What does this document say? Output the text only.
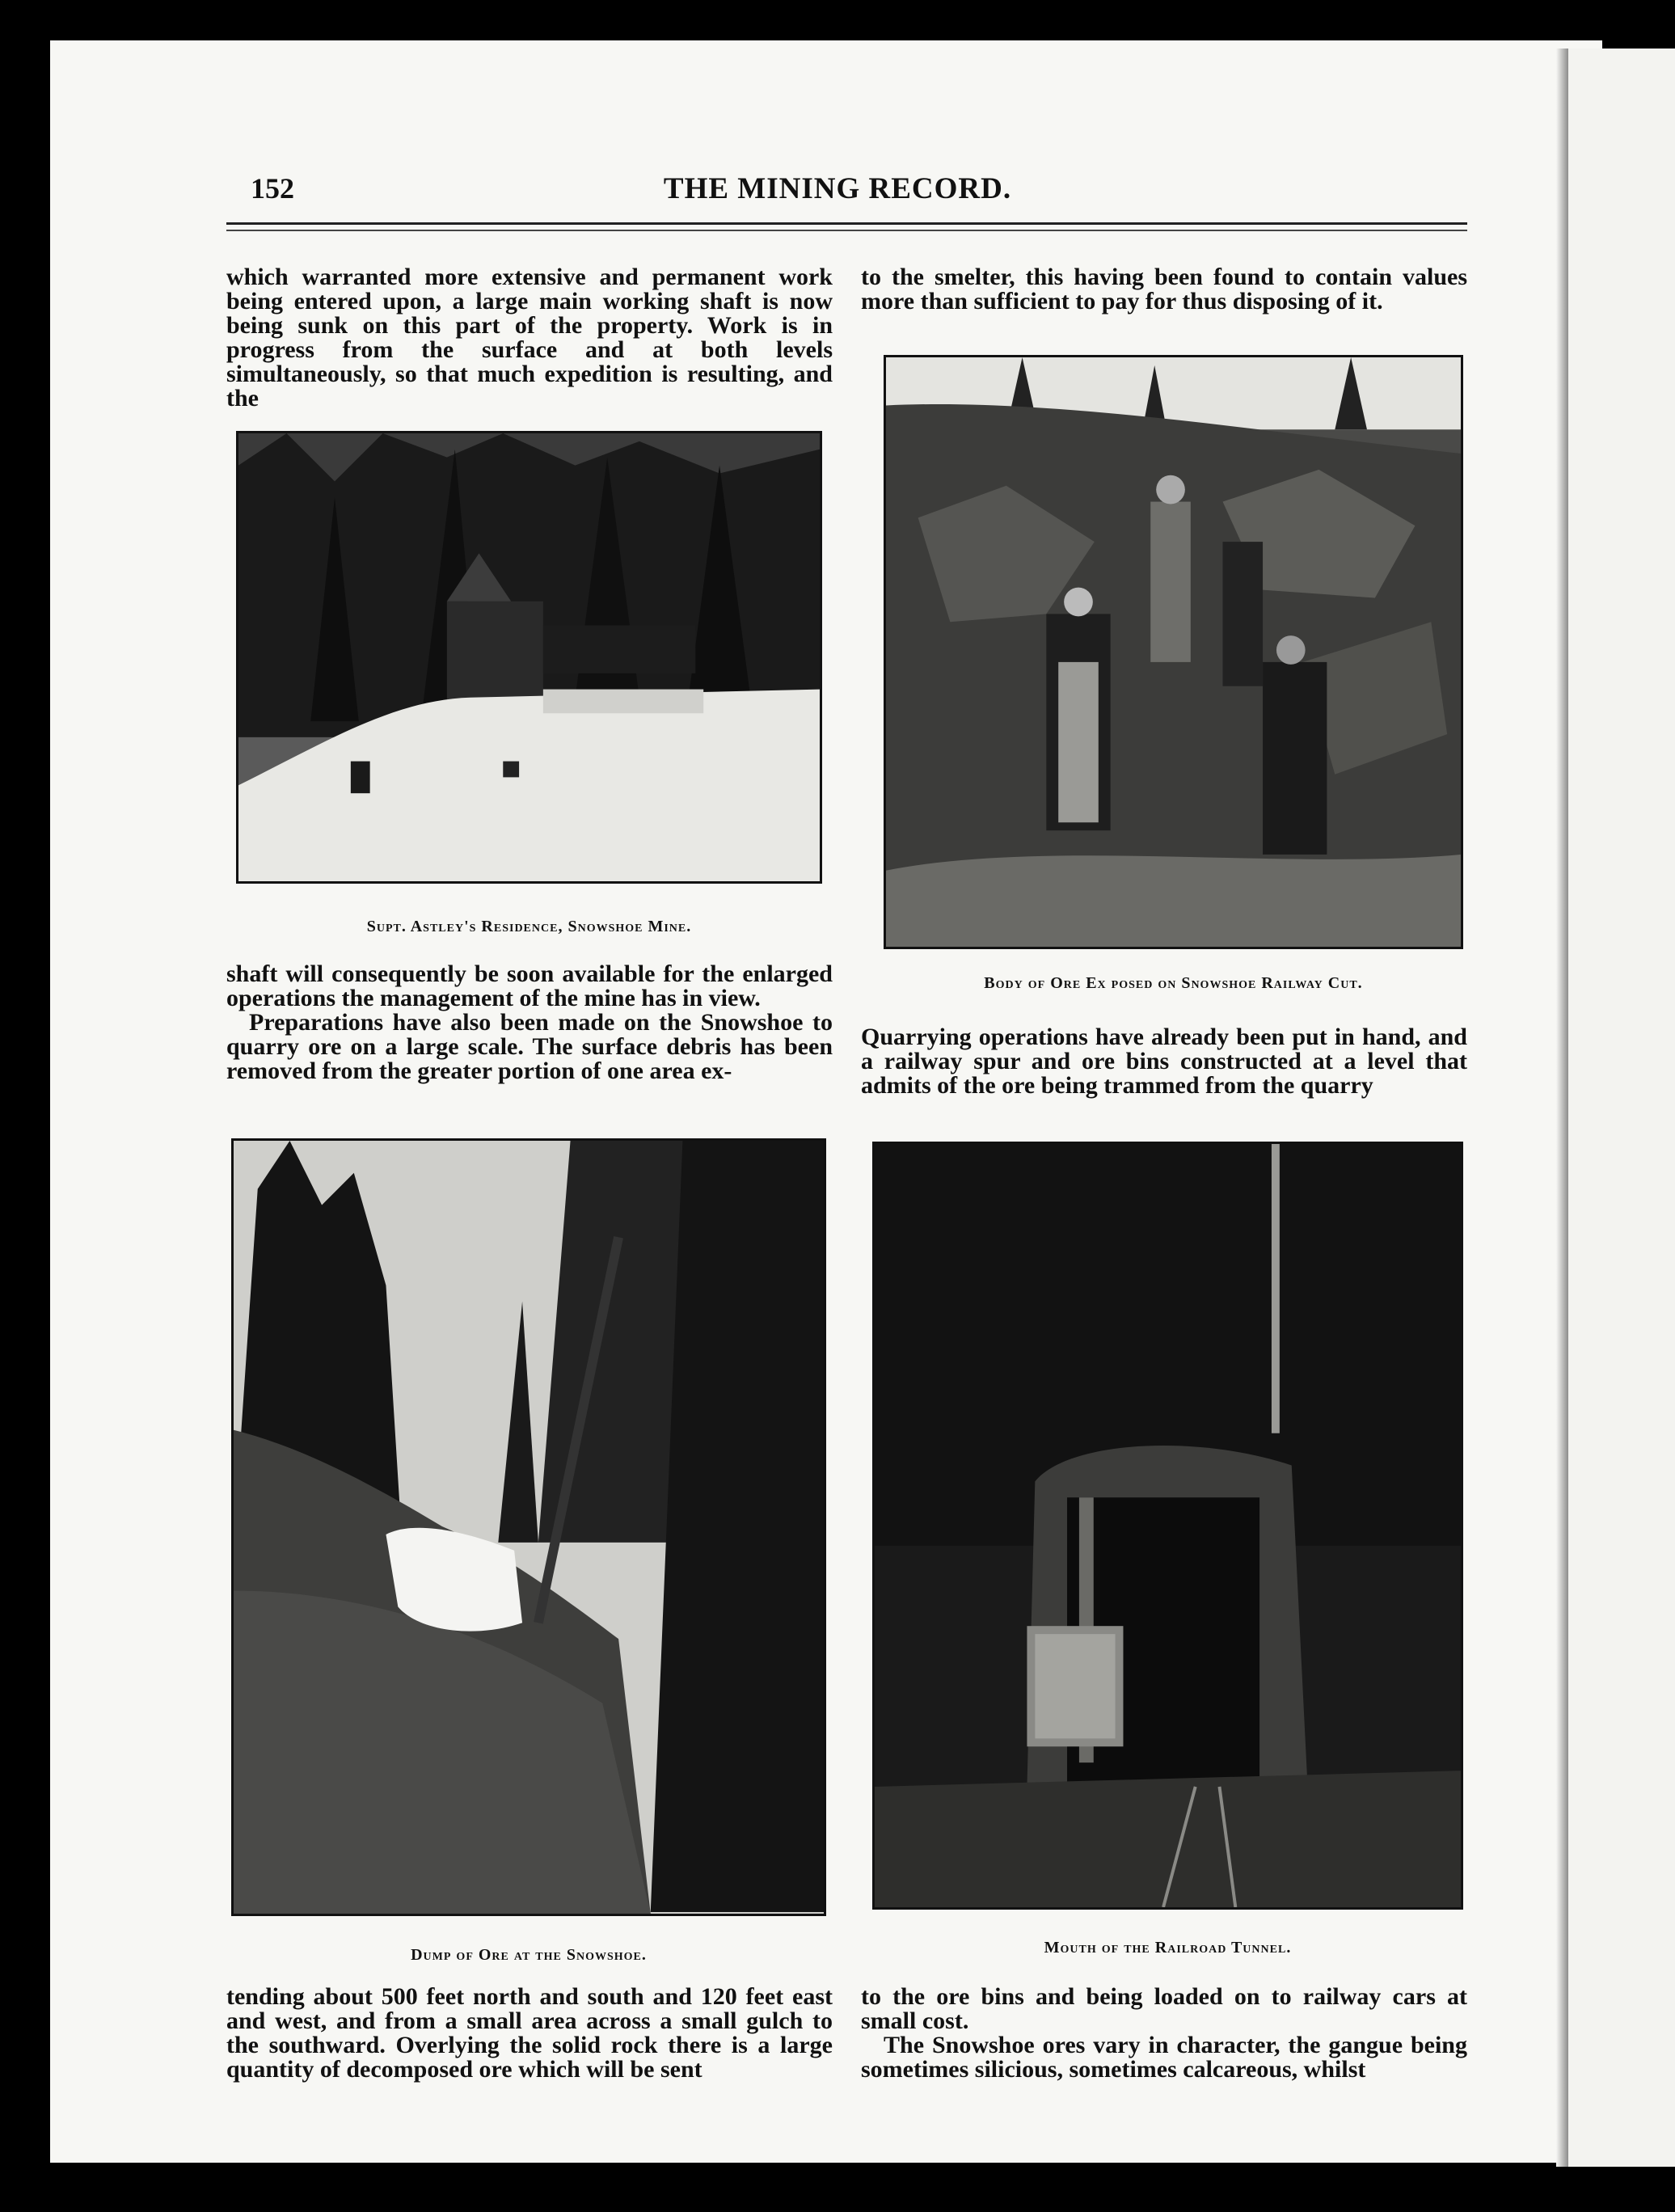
152	THE MINING RECORD.
which warranted more extensive and permanent work being entered upon, a large main working shaft is now being sunk on this part of the property. Work is in progress from the surface and at both levels simultaneously, so that much expedition is resulting, and the
to the smelter, this having been found to contain values more than sufficient to pay for thus disposing of it.
Supt. Astley's Residence, Snowshoe Mine.
Body of Ore Ex posed on Snowshoe Railway Cut.
shaft will consequently be soon available for the enlarged operations the management of the mine has in view.
Preparations have also been made on the Snowshoe to quarry ore on a large scale. The surface debris has been removed from the greater portion of one area ex-
Quarrying operations have already been put in hand, and a railway spur and ore bins constructed at a level that admits of the ore being trammed from the quarry
Dump of Ore at the Snowshoe.	Mouth of the Railroad Tunnel.
tending about 500 feet north and south and 120 feet east and west, and from a small area across a small gulch to the southward. Overlying the solid rock there is a large quantity of decomposed ore which will be sent
to the ore bins and being loaded on to railway cars at small cost.
The Snowshoe ores vary in character, the gangue being sometimes silicious, sometimes calcareous, whilst
